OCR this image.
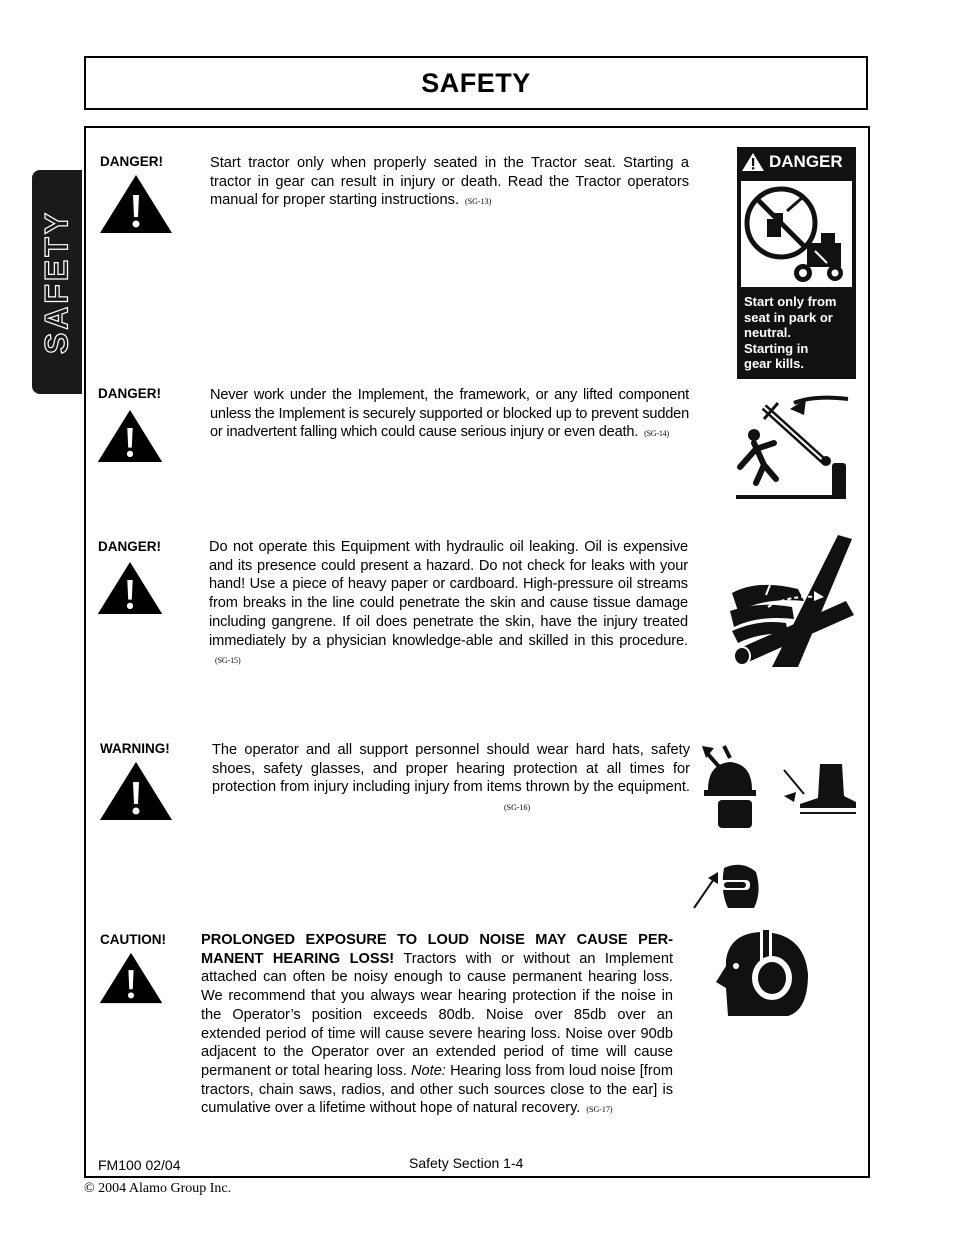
SAFETY
SAFETY
DANGER!	Start tractor only when properly seated in the Tractor seat. Starting a tractor in gear can result in injury or death. Read the Tractor operators manual for proper starting instructions. (SG-13)
DANGER
Start only from
seat in park or
neutral.
Starting in
gear kills.
DANGER!	Never work under the Implement, the framework, or any lifted component unless the Implement is securely supported or blocked up to prevent sudden or inadvertent falling which could cause serious injury or even death. (SG-14)
DANGER!	Do not operate this Equipment with hydraulic oil leaking. Oil is expensive and its presence could present a hazard. Do not check for leaks with your hand! Use a piece of heavy paper or cardboard. High-pressure oil streams from breaks in the line could penetrate the skin and cause tissue damage including gangrene. If oil does penetrate the skin, have the injury treated immediately by a physician knowledge-able and skilled in this procedure.(SG-15)
WARNING!	The operator and all support personnel should wear hard hats, safety shoes, safety glasses, and proper hearing protection at all times for protection from injury including injury from items thrown by the equipment.(SG-16)
CAUTION! PROLONGED EXPOSURE TO LOUD NOISE MAY CAUSE PER-MANENT HEARING LOSS! Tractors with or without an Implement attached can often be noisy enough to cause permanent hearing loss. We recommend that you always wear hearing protection if the noise in the Operator’s position exceeds 80db. Noise over 85db over an extended period of time will cause severe hearing loss. Noise over 90db adjacent to the Operator over an extended period of time will cause permanent or total hearing loss. Note: Hearing loss from loud noise [from tractors, chain saws, radios, and other such sources close to the ear] is cumulative over a lifetime without hope of natural recovery. (SG-17)
FM100 02/04	Safety Section 1-4
© 2004 Alamo Group Inc.
